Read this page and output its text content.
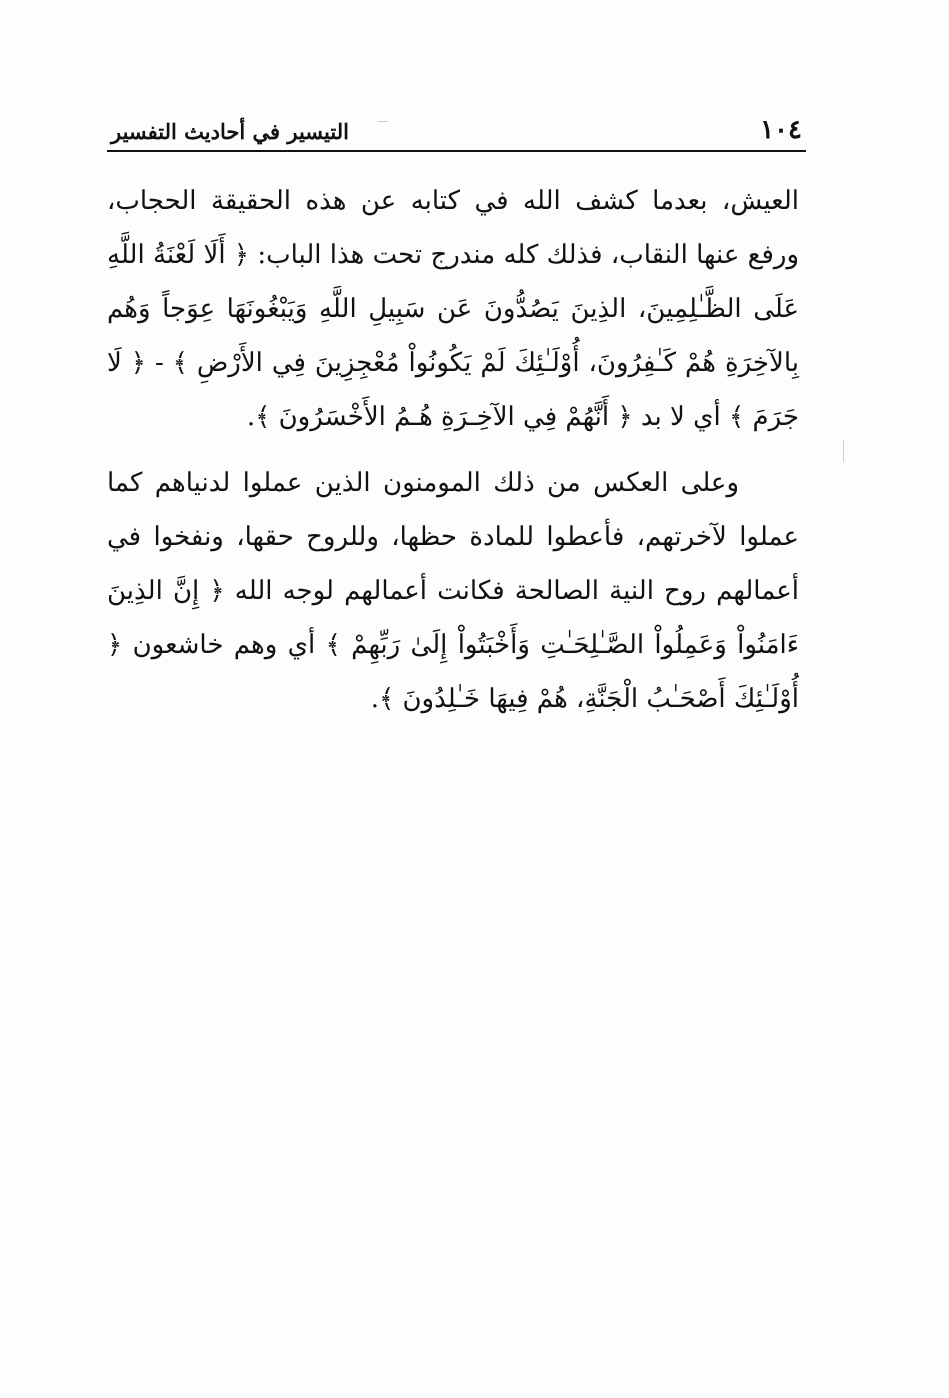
١٠٤
التيسير في أحاديث التفسير

العيش، بعدما كشف الله في كتابه عن هذه الحقيقة الحجاب، ورفع عنها النقاب، فذلك كله مندرج تحت هذا الباب: ﴿ أَلَا لَعْنَةُ اللَّهِ عَلَى الظَّـٰلِمِينَ، الذِينَ يَصُدُّونَ عَن سَبِيلِ اللَّهِ وَيَبْغُونَهَا عِوَجاً وَهُم بِالآخِرَةِ هُمْ كَـٰفِرُونَ، أُوْلَـٰئِكَ لَمْ يَكُونُواْ مُعْجِزِينَ فِي الأَرْضِ ﴾ - ﴿ لَا جَرَمَ ﴾ أي لا بد ﴿ أَنَّهُمْ فِي الآخِـرَةِ هُـمُ الأَخْسَرُونَ ﴾.

وعلى العكس من ذلك المومنون الذين عملوا لدنياهم كما عملوا لآخرتهم، فأعطوا للمادة حظها، وللروح حقها، ونفخوا في أعمالهم روح النية الصالحة فكانت أعمالهم لوجه الله ﴿ إِنَّ الذِينَ ءَامَنُواْ وَعَمِلُواْ الصَّـٰلِحَـٰتِ وَأَخْبَتُواْ إِلَىٰ رَبِّهِمْ ﴾ أي وهم خاشعون ﴿ أُوْلَـٰئِكَ أَصْحَـٰبُ الْجَنَّةِ، هُمْ فِيهَا خَـٰلِدُونَ ﴾.
